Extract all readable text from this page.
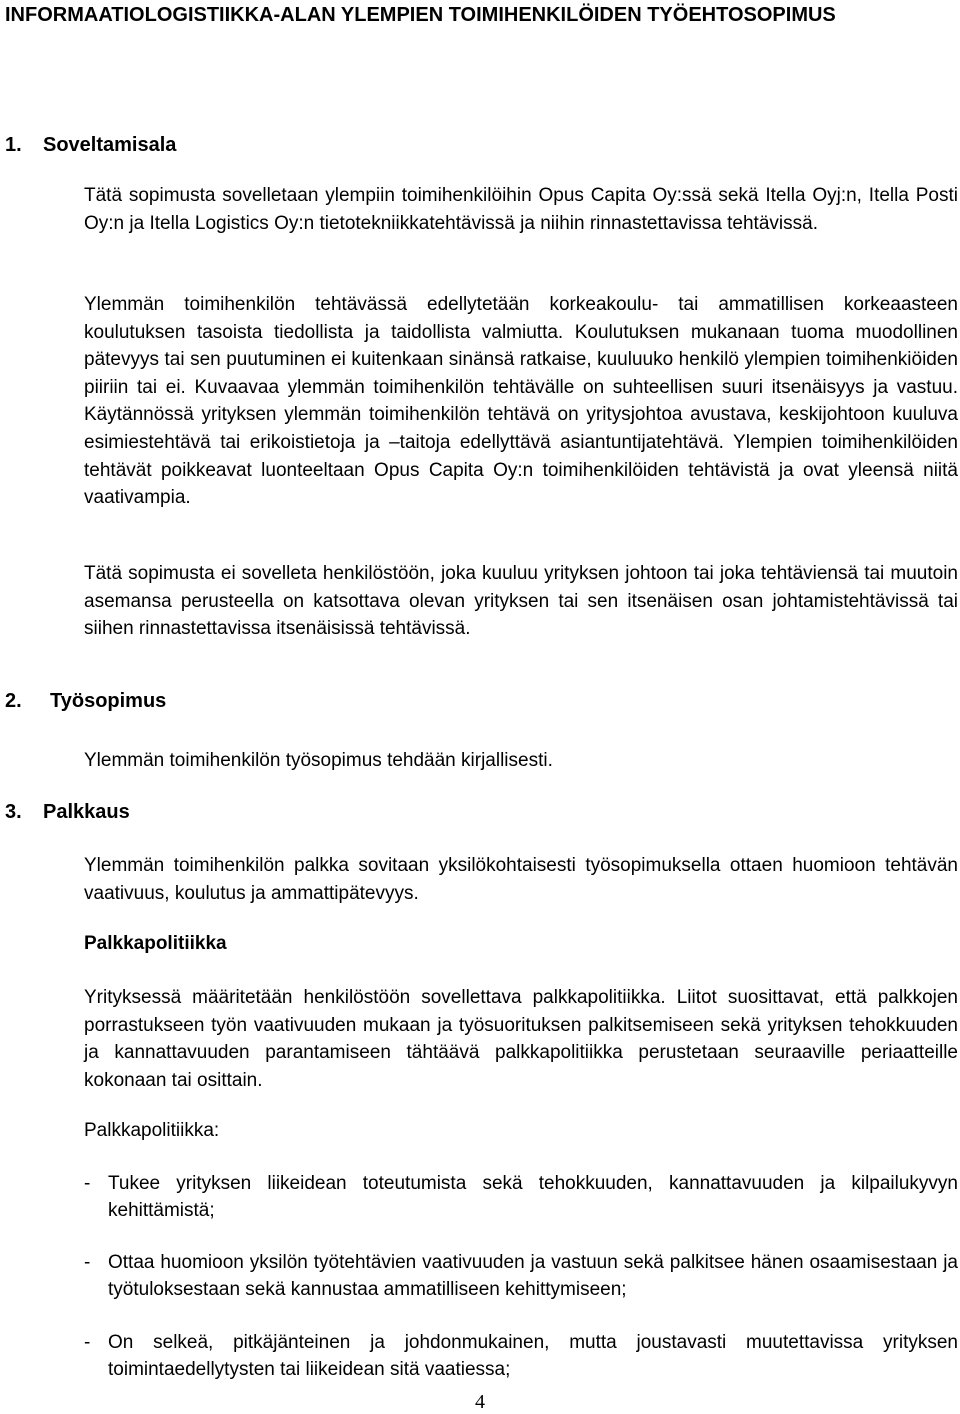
INFORMAATIOLOGISTIIKKA-ALAN YLEMPIEN TOIMIHENKILÖIDEN TYÖEHTOSOPIMUS
1. Soveltamisala

Tätä sopimusta sovelletaan ylempiin toimihenkilöihin Opus Capita Oy:ssä sekä Itella Oyj:n, Itella Posti Oy:n ja Itella Logistics Oy:n tietotekniikkatehtävissä ja niihin rinnastettavissa tehtävissä.

Ylemmän toimihenkilön tehtävässä edellytetään korkeakoulu- tai ammatillisen korkeaasteen koulutuksen tasoista tiedollista ja taidollista valmiutta. Koulutuksen mukanaan tuoma muodollinen pätevyys tai sen puutuminen ei kuitenkaan sinänsä ratkaise, kuuluuko henkilö ylempien toimihenkiöiden piiriin tai ei. Kuvaavaa ylemmän toimihenkilön tehtävälle on suhteellisen suuri itsenäisyys ja vastuu. Käytännössä yrityksen ylemmän toimihenkilön tehtävä on yritysjohtoa avustava, keskijohtoon kuuluva esimiestehtävä tai erikoistietoja ja –taitoja edellyttävä asiantuntijatehtävä. Ylempien toimihenkilöiden tehtävät poikkeavat luonteeltaan Opus Capita Oy:n toimihenkilöiden tehtävistä ja ovat yleensä niitä vaativampia.

Tätä sopimusta ei sovelleta henkilöstöön, joka kuuluu yrityksen johtoon tai joka tehtäviensä tai muutoin asemansa perusteella on katsottava olevan yrityksen tai sen itsenäisen osan johtamistehtävissä tai siihen rinnastettavissa itsenäisissä tehtävissä.

2. Työsopimus

Ylemmän toimihenkilön työsopimus tehdään kirjallisesti.

3. Palkkaus

Ylemmän toimihenkilön palkka sovitaan yksilökohtaisesti työsopimuksella ottaen huomioon tehtävän vaativuus, koulutus ja ammattipätevyys.

Palkkapolitiikka

Yrityksessä määritetään henkilöstöön sovellettava palkkapolitiikka. Liitot suosittavat, että palkkojen porrastukseen työn vaativuuden mukaan ja työsuorituksen palkitsemiseen sekä yrityksen tehokkuuden ja kannattavuuden parantamiseen tähtäävä palkkapolitiikka perustetaan seuraaville periaatteille kokonaan tai osittain.

Palkkapolitiikka:
- Tukee yrityksen liikeidean toteutumista sekä tehokkuuden, kannattavuuden ja kilpailukyvyn kehittämistä;
- Ottaa huomioon yksilön työtehtävien vaativuuden ja vastuun sekä palkitsee hänen osaamisestaan ja työtuloksestaan sekä kannustaa ammatilliseen kehittymiseen;
- On selkeä, pitkäjänteinen ja johdonmukainen, mutta joustavasti muutettavissa yrityksen toimintaedellytysten tai liikeidean sitä vaatiessa;
4
